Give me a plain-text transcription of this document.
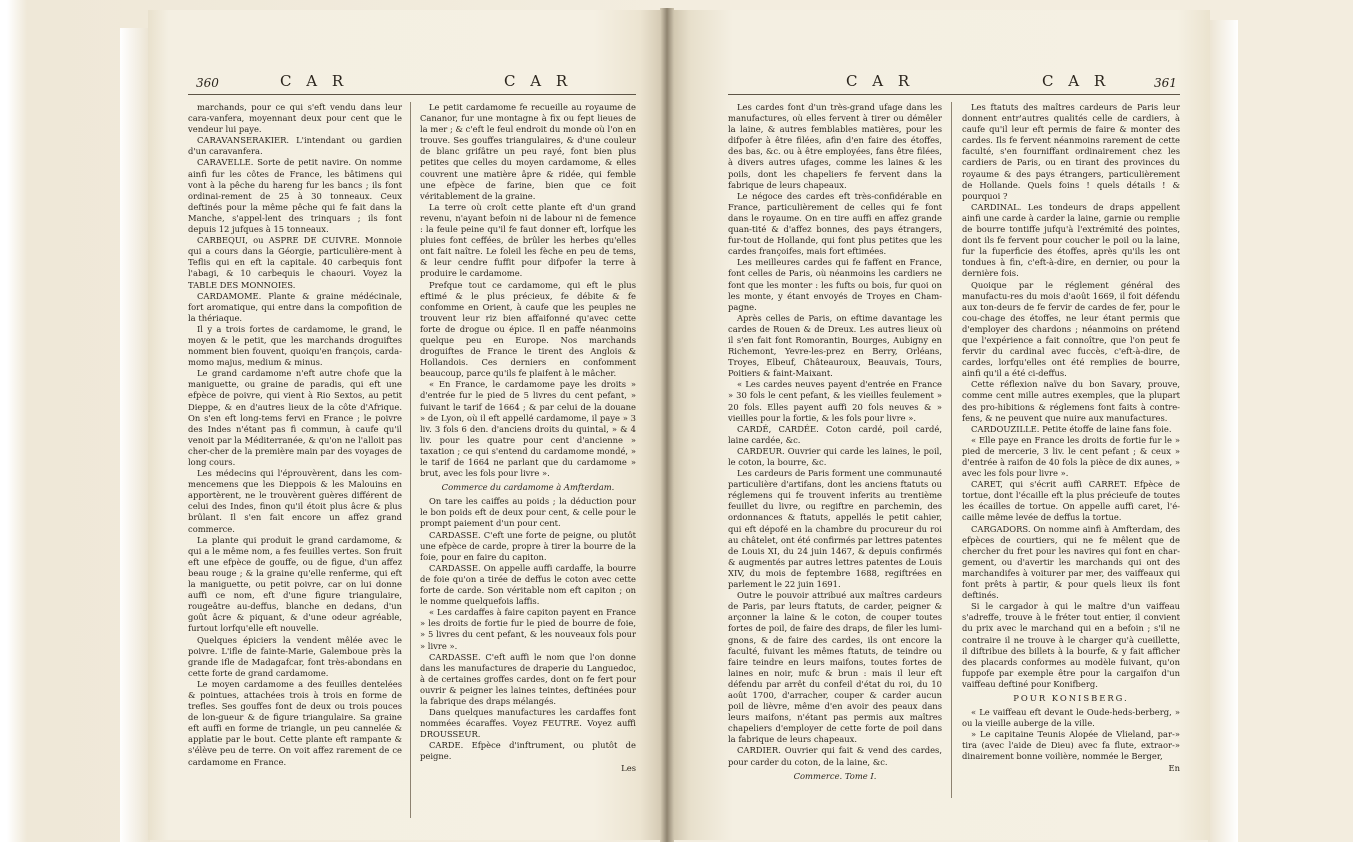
360	C A R	C A R

marchands, pour ce qui s'eft vendu dans leur cara-vanfera, moyennant deux pour cent que le vendeur lui paye.

CARAVANSERAKIER. L'intendant ou gardien d'un caravanfera.

CARAVELLE. Sorte de petit navire. On nomme ainfi fur les côtes de France, les bâtimens qui vont à la pêche du hareng fur les bancs ; ils font ordinai-rement de 25 à 30 tonneaux. Ceux deftinés pour la même pêche qui fe fait dans la Manche, s'appel-lent des trinquars ; ils font depuis 12 jufques à 15 tonneaux.

CARBEQUI, ou ASPRE DE CUIVRE. Monnoie qui a cours dans la Géorgie, particulière-ment à Teflis qui en eft la capitale. 40 carbequis font l'abagi, & 10 carbequis le chaouri. Voyez la TABLE DES MONNOIES.

CARDAMOME. Plante & graine médécinale, fort aromatique, qui entre dans la compofition de la thériaque.

Il y a trois fortes de cardamome, le grand, le moyen & le petit, que les marchands droguiftes nomment bien fouvent, quoiqu'en françois, carda-momo majus, medium & minus.

Le grand cardamome n'eft autre chofe que la maniguette, ou graine de paradis, qui eft une efpèce de poivre, qui vient à Rio Sextos, au petit Dieppe, & en d'autres lieux de la côte d'Afrique. On s'en eft long-tems fervi en France ; le poivre des Indes n'étant pas fi commun, à caufe qu'il venoit par la Méditerranée, & qu'on ne l'alloit pas cher-cher de la première main par des voyages de long cours.

Les médecins qui l'éprouvèrent, dans les com-mencemens que les Dieppois & les Malouins en apportèrent, ne le trouvèrent guères différent de celui des Indes, finon qu'il étoit plus âcre & plus brûlant. Il s'en fait encore un affez grand commerce.

La plante qui produit le grand cardamome, & qui a le même nom, a fes feuilles vertes. Son fruit eft une efpèce de gouffe, ou de figue, d'un affez beau rouge ; & la graine qu'elle renferme, qui eft la maniguette, ou petit poivre, car on lui donne auffi ce nom, eft d'une figure triangulaire, rougeâtre au-deffus, blanche en dedans, d'un goût âcre & piquant, & d'une odeur agréable, furtout lorfqu'elle eft nouvelle.

Quelques épiciers la vendent mêlée avec le poivre. L'ifle de fainte-Marie, Galemboue près la grande ifle de Madagafcar, font très-abondans en cette forte de grand cardamome.

Le moyen cardamome a des feuilles dentelées & pointues, attachées trois à trois en forme de trefles. Ses gouffes font de deux ou trois pouces de lon-gueur & de figure triangulaire. Sa graine eft auffi en forme de triangle, un peu cannelée & applatie par le bout. Cette plante eft rampante & s'élève peu de terre. On voit affez rarement de ce cardamome en France.

Le petit cardamome fe recueille au royaume de Cananor, fur une montagne à fix ou fept lieues de la mer ; & c'eft le feul endroit du monde où l'on en trouve. Ses gouffes triangulaires, & d'une couleur de blanc grifâtre un peu rayé, font bien plus petites que celles du moyen cardamome, & elles couvrent une matière âpre & ridée, qui femble une efpèce de farine, bien que ce foit véritablement de la graine.

La terre où croît cette plante eft d'un grand revenu, n'ayant befoin ni de labour ni de femence : la feule peine qu'il fe faut donner eft, lorfque les pluies font ceffées, de brûler les herbes qu'elles ont fait naître. Le foleil les fèche en peu de tems, & leur cendre fuffit pour difpofer la terre à produire le cardamome.

Prefque tout ce cardamome, qui eft le plus eftimé & le plus précieux, fe débite & fe confomme en Orient, à caufe que les peuples ne trouvent leur riz bien affaifonné qu'avec cette forte de drogue ou épice. Il en paffe néanmoins quelque peu en Europe. Nos marchands droguiftes de France le tirent des Anglois & Hollandois. Ces derniers en confomment beaucoup, parce qu'ils fe plaifent à le mâcher.

« En France, le cardamome paye les droits » d'entrée fur le pied de 5 livres du cent pefant, » fuivant le tarif de 1664 ; & par celui de la douane » de Lyon, où il eft appellé cardamome, il paye » 3 liv. 3 fols 6 den. d'anciens droits du quintal, » & 4 liv. pour les quatre pour cent d'ancienne » taxation ; ce qui s'entend du cardamome mondé, » le tarif de 1664 ne parlant que du cardamome » brut, avec les fols pour livre ».

Commerce du cardamome à Amfterdam.

On tare les caiffes au poids ; la déduction pour le bon poids eft de deux pour cent, & celle pour le prompt paiement d'un pour cent.

CARDASSE. C'eft une forte de peigne, ou plutôt une efpèce de carde, propre à tirer la bourre de la foie, pour en faire du capiton.

CARDASSE. On appelle auffi cardaffe, la bourre de foie qu'on a tirée de deffus le coton avec cette forte de carde. Son véritable nom eft capiton ; on le nomme quelquefois laffis.

« Les cardaffes à faire capiton payent en France » les droits de fortie fur le pied de bourre de foie, » 5 livres du cent pefant, & les nouveaux fols pour » livre ».

CARDASSE. C'eft auffi le nom que l'on donne dans les manufactures de draperie du Languedoc, à de certaines groffes cardes, dont on fe fert pour ouvrir & peigner les laines teintes, deftinées pour la fabrique des draps mélangés.

Dans quelques manufactures les cardaffes font nommées écaraffes. Voyez FEUTRE. Voyez auffi DROUSSEUR.

CARDE. Efpèce d'inftrument, ou plutôt de peigne.

Les

C A R	C A R	361

Les cardes font d'un très-grand ufage dans les manufactures, où elles fervent à tirer ou démêler la laine, & autres femblables matières, pour les difpofer à être filées, afin d'en faire des étoffes, des bas, &c. ou à être employées, fans être filées, à divers autres ufages, comme les laines & les poils, dont les chapeliers fe fervent dans la fabrique de leurs chapeaux.

Le négoce des cardes eft très-confidérable en France, particulièrement de celles qui fe font dans le royaume. On en tire auffi en affez grande quan-tité & d'affez bonnes, des pays étrangers, fur-tout de Hollande, qui font plus petites que les cardes françoifes, mais fort eftimées.

Les meilleures cardes qui fe faffent en France, font celles de Paris, où néanmoins les cardiers ne font que les monter : les fufts ou bois, fur quoi on les monte, y étant envoyés de Troyes en Cham-pagne.

Après celles de Paris, on eftime davantage les cardes de Rouen & de Dreux. Les autres lieux où il s'en fait font Romorantin, Bourges, Aubigny en Richemont, Yevre-les-prez en Berry, Orléans, Troyes, Elbeuf, Châteauroux, Beauvais, Tours, Poitiers & faint-Maixant.

« Les cardes neuves payent d'entrée en France » 30 fols le cent pefant, & les vieilles feulement » 20 fols. Elles payent auffi 20 fols neuves & » vieilles pour la fortie, & les fols pour livre ».

CARDÉ, CARDÉE. Coton cardé, poil cardé, laine cardée, &c.

CARDEUR. Ouvrier qui carde les laines, le poil, le coton, la bourre, &c.

Les cardeurs de Paris forment une communauté particulière d'artifans, dont les anciens ftatuts ou réglemens qui fe trouvent inferits au trentième feuillet du livre, ou regiftre en parchemin, des ordonnances & ftatuts, appellés le petit cahier, qui eft dépofé en la chambre du procureur du roi au châtelet, ont été confirmés par lettres patentes de Louis XI, du 24 juin 1467, & depuis confirmés & augmentés par autres lettres patentes de Louis XIV, du mois de feptembre 1688, regiftrées en parlement le 22 juin 1691.

Outre le pouvoir attribué aux maîtres cardeurs de Paris, par leurs ftatuts, de carder, peigner & arçonner la laine & le coton, de couper toutes fortes de poil, de faire des draps, de filer les lumi-gnons, & de faire des cardes, ils ont encore la faculté, fuivant les mêmes ftatuts, de teindre ou faire teindre en leurs maifons, toutes fortes de laines en noir, mufc & brun : mais il leur eft défendu par arrêt du confeil d'état du roi, du 10 août 1700, d'arracher, couper & carder aucun poil de lièvre, même d'en avoir des peaux dans leurs maifons, n'étant pas permis aux maîtres chapeliers d'employer de cette forte de poil dans la fabrique de leurs chapeaux.

CARDIER. Ouvrier qui fait & vend des cardes, pour carder du coton, de la laine, &c.

Commerce. Tome I.

Les ftatuts des maîtres cardeurs de Paris leur donnent entr'autres qualités celle de cardiers, à caufe qu'il leur eft permis de faire & monter des cardes. Ils fe fervent néanmoins rarement de cette faculté, s'en fourniffant ordinairement chez les cardiers de Paris, ou en tirant des provinces du royaume & des pays étrangers, particulièrement de Hollande. Quels foins ! quels détails ! & pourquoi ?

CARDINAL. Les tondeurs de draps appellent ainfi une carde à carder la laine, garnie ou remplie de bourre tontiffe jufqu'à l'extrémité des pointes, dont ils fe fervent pour coucher le poil ou la laine, fur la fuperficie des étoffes, après qu'ils les ont tondues à fin, c'eft-à-dire, en dernier, ou pour la dernière fois.

Quoique par le réglement général des manufactu-res du mois d'août 1669, il foit défendu aux ton-deurs de fe fervir de cardes de fer, pour le cou-chage des étoffes, ne leur étant permis que d'employer des chardons ; néanmoins on prétend que l'expérience a fait connoître, que l'on peut fe fervir du cardinal avec fuccès, c'eft-à-dire, de cardes, lorfqu'elles ont été remplies de bourre, ainfi qu'il a été ci-deffus.

Cette réflexion naïve du bon Savary, prouve, comme cent mille autres exemples, que la plupart des pro-hibitions & réglemens font faits à contre-fens, & ne peuvent que nuire aux manufactures.

CARDOUZILLE. Petite étoffe de laine fans foie.

« Elle paye en France les droits de fortie fur le » pied de mercerie, 3 liv. le cent pefant ; & ceux » d'entrée à raifon de 40 fols la pièce de dix aunes, » avec les fols pour livre ».

CARET, qui s'écrit auffi CARRET. Efpèce de tortue, dont l'écaille eft la plus précieufe de toutes les écailles de tortue. On appelle auffi caret, l'é-caille même levée de deffus la tortue.

CARGADORS. On nomme ainfi à Amfterdam, des efpèces de courtiers, qui ne fe mêlent que de chercher du fret pour les navires qui font en char-gement, ou d'avertir les marchands qui ont des marchandifes à voiturer par mer, des vaiffeaux qui font prêts à partir, & pour quels lieux ils font deftinés.

Si le cargador à qui le maître d'un vaiffeau s'adreffe, trouve à le fréter tout entier, il convient du prix avec le marchand qui en a befoin ; s'il ne contraire il ne trouve à le charger qu'à cueillette, il diftribue des billets à la bourfe, & y fait afficher des placards conformes au modèle fuivant, qu'on fuppofe par exemple être pour la cargaifon d'un vaiffeau deftiné pour Konifberg.

POUR KONISBERG.

« Le vaiffeau eft devant le Oude-heds-berberg, » ou la vieille auberge de la ville.

» Le capitaine Teunis Alopée de Vlieland, par-» tira (avec l'aide de Dieu) avec fa flute, extraor-» dinairement bonne voilière, nommée le Berger,

En
